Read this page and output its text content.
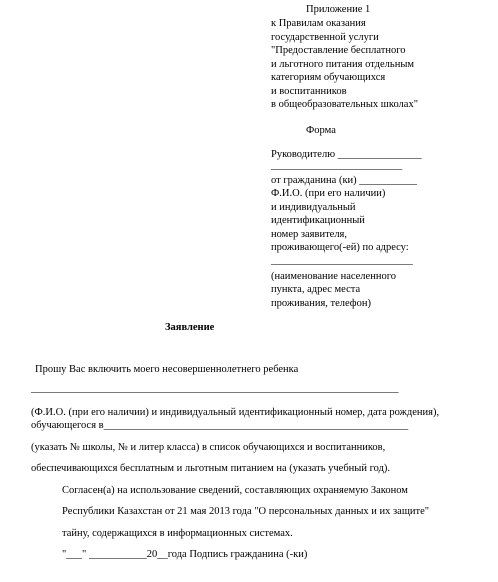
Приложение 1
к Правилам оказания
государственной услуги
"Предоставление бесплатного
и льготного питания отдельным
категориям обучающихся
и воспитанников
в общеобразовательных школах"
Форма
Руководителю ________________
_________________________
от гражданина (ки) ___________
Ф.И.О. (при его наличии)
и индивидуальный
идентификационный
номер заявителя,
проживающего(-ей) по адресу:
___________________________
(наименование населенного
пункта, адрес места
проживания, телефон)
Заявление
Прошу Вас включить моего несовершеннолетнего ребенка
______________________________________________________________________
(Ф.И.О. (при его наличии) и индивидуальный идентификационный номер, дата рождения),
обучающегося в__________________________________________________________
(указать № школы, № и литер класса) в список обучающихся и воспитанников,
обеспечивающихся бесплатным и льготным питанием на (указать учебный год).
Согласен(а) на использование сведений, составляющих охраняемую Законом
Республики Казахстан от 21 мая 2013 года "О персональных данных и их защите"
тайну, содержащихся в информационных системах.
"___" ___________20__года Подпись гражданина (-ки)
